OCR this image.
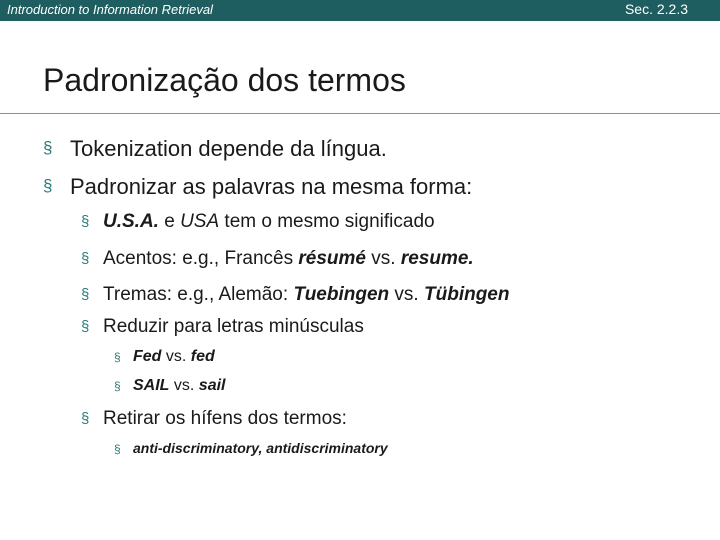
Introduction to Information Retrieval	Sec. 2.2.3
Padronização dos termos
§ Tokenization depende da língua.
§ Padronizar as palavras na mesma forma:
§ U.S.A. e USA tem o mesmo significado
§ Acentos: e.g., Francês résumé vs. resume.
§ Tremas: e.g., Alemão: Tuebingen vs. Tübingen
§ Reduzir para letras minúsculas
§ Fed vs. fed
§ SAIL vs. sail
§ Retirar os hífens dos termos:
§ anti-discriminatory, antidiscriminatory
